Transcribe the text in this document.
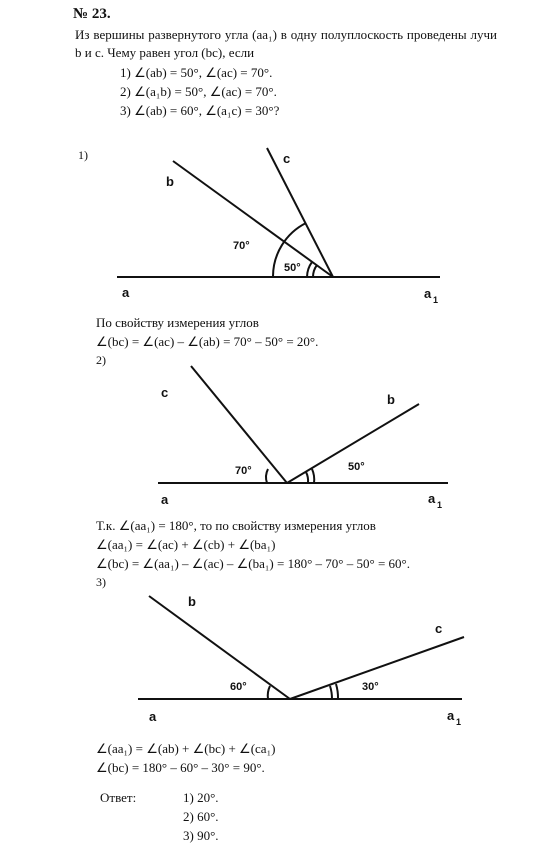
№ 23.
Из вершины развернутого угла (aa₁) в одну полуплоскость проведены лучи b и c. Чему равен угол (bc), если
1) ∠(ab) = 50°, ∠(ac) = 70°.
2) ∠(a₁b) = 50°, ∠(ac) = 70°.
3) ∠(ab) = 60°, ∠(a₁c) = 30°?
1)
b
c
70°
50°
a	a 1
c	b
70°	50°
a	a 1
b
c
60°	30°
a	a 1
По свойству измерения углов
∠(bc) = ∠(ac) – ∠(ab) = 70° – 50° = 20°.
2)
Т.к. ∠(aa₁) = 180°, то по свойству измерения углов
∠(aa₁) = ∠(ac) + ∠(cb) + ∠(ba₁)
∠(bc) = ∠(aa₁) – ∠(ac) – ∠(ba₁) = 180° – 70° – 50° = 60°.
3)
∠(aa₁) = ∠(ab) + ∠(bc) + ∠(ca₁)
∠(bc) = 180° – 60° – 30° = 90°.
Ответ:	1) 20°.
2) 60°.
3) 90°.
